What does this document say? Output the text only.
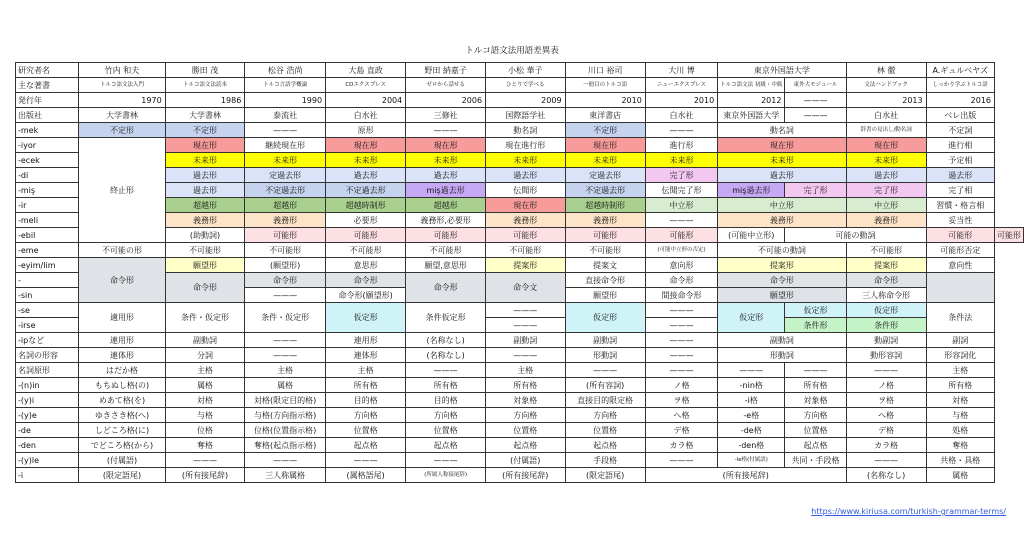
トルコ語文法用語差異表
研究者名	竹内 和夫	勝田 茂	松谷 浩尚	大島 直政	野田 納嘉子	小松 華子	川口 裕司	大川 博	東京外国語大学		林 徹	A.ギュルベヤズ	
主な著書	トルコ語文法入門	トルコ語文法読本	トルコ言語学概論	CDエクスプレス	ゼロから話せる	ひとりで学べる	一冊目のトルコ語	ニューエクスプレス	トルコ語文法 初級・中級	東外大モジュール	文法ハンドブック	しっかり学ぶトルコ語	
発行年	1970	1986	1990	2004	2006	2009	2010	2010	2012	———	2013	2016	
出版社	大学書林	大学書林	泰流社	白水社	三修社	国際語学社	東洋書店	白水社	東京外国語大学	———	白水社	ベレ出版	
-mek	不定形	不定形	———	原形	———	動名詞	不定形	———	動名詞		辞書の見出し/動名詞	不定詞	
-iyor	終止形	現在形	継続現在形	現在形	現在形	現在進行形	現在形	進行形	現在形		現在形	進行相	
-ecek		未来形	未来形	未来形	未来形	未来形	未来形	未来形	未来形		未来形	予定相	
-di		過去形	定過去形	過去形	過去形	過去形	定過去形	完了形	過去形		過去形	過去形	
-miş		過去形	不定過去形	不定過去形	miş過去形	伝聞形	不定過去形	伝聞完了形	miş過去形	完了形	完了形	完了相	
-ir		超越形	超越形	超越時制形	超越形	現在形	超越時制形	中立形	中立形		中立形	習慣・格言相	
-meli		義務形	義務形	必要形	義務形,必要形	義務形	義務形	———	義務形		義務形	妥当性	
-ebil		(助動詞)	可能形	可能形	可能形	可能形	可能形	可能形	(可能中立形)	可能の動詞		可能形	可能形
-eme	不可能の形	不可能形	不可能形	不可能形	不可能形	不可能形	不可能形	(可能中立形の否定)	不可能の動詞		不可能形	可能形否定	
-eyim/lim	命令形	願望形	(願望形)	意思形	願望,意思形	提案形	提案文	意向形	提案形		提案形	意向性	
-		命令形	命令形	命令形	命令形	命令文	直接命令形	命令形	命令形		命令形		
-sin			———	命令形(願望形)			願望形	間接命令形	願望形		三人称命令形		
-se	適用形	条件・仮定形	条件・仮定形	仮定形	条件仮定形	———	仮定形	———	仮定形	仮定形	仮定形	条件法	
-irse						———		———		条件形	条件形		
-ipなど	連用形	副動詞	———	連用形	(名称なし)	副動詞	副動詞	———	副動詞		動副詞	副詞	
名詞の形容	連体形	分詞	———	連体形	(名称なし)	———	形動詞	———	形動詞		動形容詞	形容詞化	
名詞原形	はだか格	主格	主格	主格	———	主格	———	———	———	———	———	主格	
-(n)in	もちぬし格(の)	属格	属格	所有格	所有格	所有格	(所有容詞)	ノ格	-nin格	所有格	ノ格	所有格	
-(y)i	めあて格(を)	対格	対格(限定目的格)	目的格	目的格	対象格	直接目的限定格	ヲ格	-i格	対象格	ヲ格	対格	
-(y)e	ゆきさき格(へ)	与格	与格(方向指示格)	方向格	方向格	方向格	方向格	へ格	-e格	方向格	へ格	与格	
-de	しどころ格(に)	位格	位格(位置指示格)	位置格	位置格	位置格	位置格	デ格	-de格	位置格	デ格	処格	
-den	でどころ格(から)	奪格	奪格(起点指示格)	起点格	起点格	起点格	起点格	カラ格	-den格	起点格	カラ格	奪格	
-(y)le	(付属語)	———	———	———	———	(付属語)	手段格	———	-le格(付属語)	共同・手段格	———	共格・具格	
-i	(限定語尾)	(所有接尾辞)	三人称属格	(属格語尾)	(所属人称接尾辞)	(所有接尾辞)	(限定語尾)	(所有接尾辞)			(名称なし)	属格	
https://www.kiriusa.com/turkish-grammar-terms/
